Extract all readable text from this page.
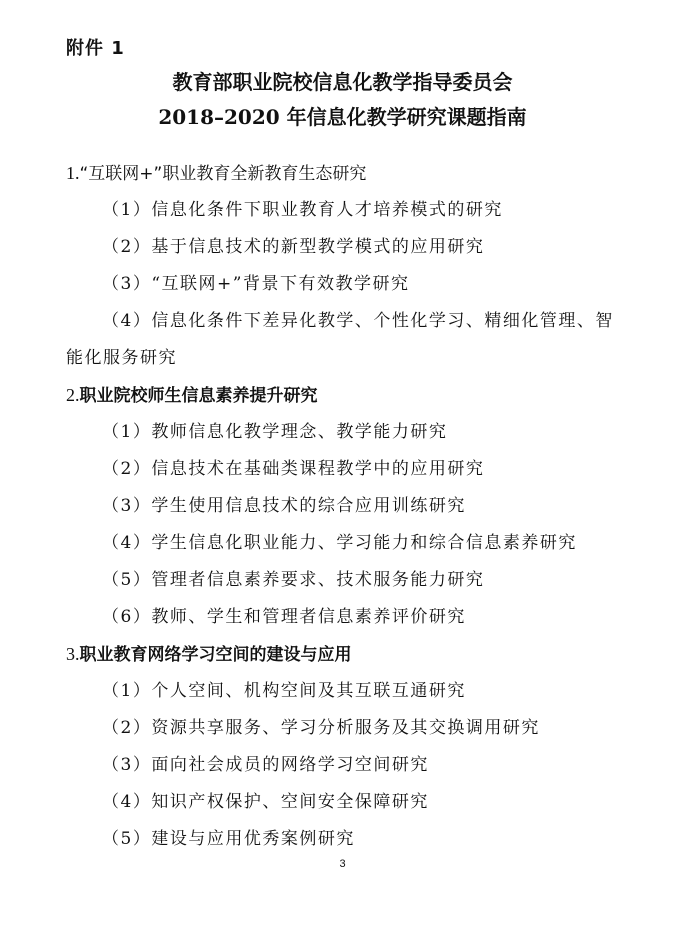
附件 1
教育部职业院校信息化教学指导委员会
2018–2020 年信息化教学研究课题指南
1.“互联网+”职业教育全新教育生态研究
（1）信息化条件下职业教育人才培养模式的研究
（2）基于信息技术的新型教学模式的应用研究
（3）“互联网+”背景下有效教学研究
（4）信息化条件下差异化教学、个性化学习、精细化管理、智能化服务研究
2.职业院校师生信息素养提升研究
（1）教师信息化教学理念、教学能力研究
（2）信息技术在基础类课程教学中的应用研究
（3）学生使用信息技术的综合应用训练研究
（4）学生信息化职业能力、学习能力和综合信息素养研究
（5）管理者信息素养要求、技术服务能力研究
（6）教师、学生和管理者信息素养评价研究
3.职业教育网络学习空间的建设与应用
（1）个人空间、机构空间及其互联互通研究
（2）资源共享服务、学习分析服务及其交换调用研究
（3）面向社会成员的网络学习空间研究
（4）知识产权保护、空间安全保障研究
（5）建设与应用优秀案例研究
3
